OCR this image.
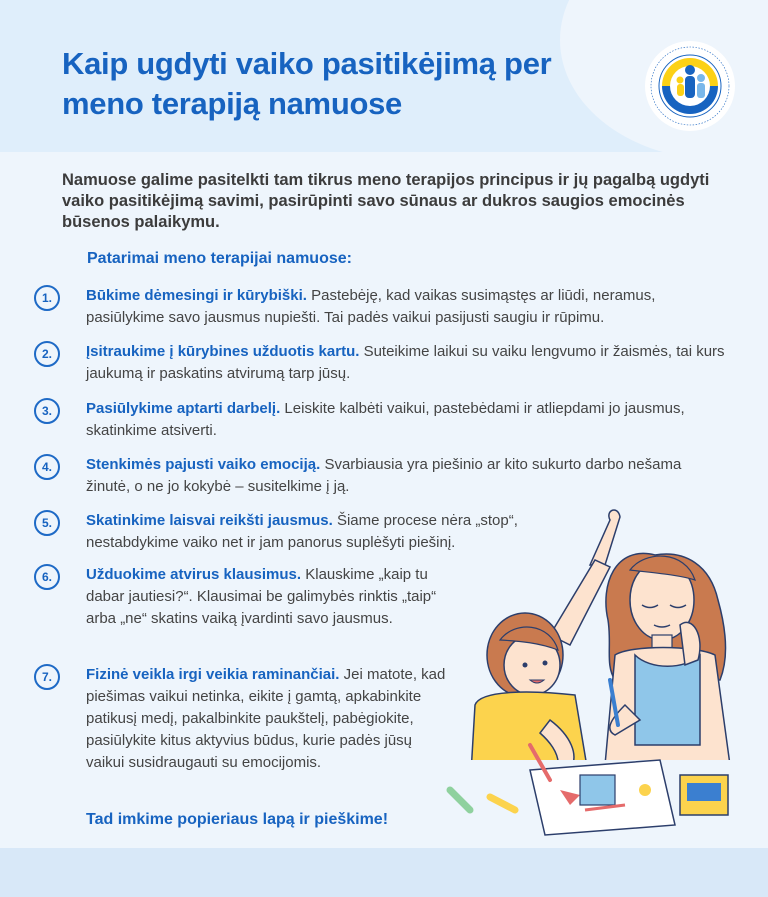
Kaip ugdyti vaiko pasitikėjimą per meno terapiją namuose

Namuose galime pasitelkti tam tikrus meno terapijos principus ir jų pagalbą ugdyti vaiko pasitikėjimą savimi, pasirūpinti savo sūnaus ar dukros saugios emocinės būsenos palaikymu.

Patarimai meno terapijai namuose:
1.	Būkime dėmesingi ir kūrybiški. Pastebėję, kad vaikas susimąstęs ar liūdi, neramus, pasiūlykime savo jausmus nupiešti. Tai padės vaikui pasijusti saugiu ir rūpimu.

2.	Įsitraukime į kūrybines užduotis kartu. Suteikime laikui su vaiku lengvumo ir žaismės, tai kurs jaukumą ir paskatins atvirumą tarp jūsų.

3.	Pasiūlykime aptarti darbelį. Leiskite kalbėti vaikui, pastebėdami ir atliepdami jo jausmus, skatinkime atsiverti.

4.	Stenkimės pajusti vaiko emociją. Svarbiausia yra piešinio ar kito sukurto darbo nešama žinutė, o ne jo kokybė – susitelkime į ją.

5.	Skatinkime laisvai reikšti jausmus. Šiame procese nėra „stop“, nestabdykime vaiko net ir jam panorus suplėšyti piešinį.

6.	Užduokime atvirus klausimus. Klauskime „kaip tu dabar jautiesi?“. Klausimai be galimybės rinktis „taip“ arba „ne“ skatins vaiką įvardinti savo jausmus.

7.	Fizinė veikla irgi veikia raminančiai. Jei matote, kad piešimas vaikui netinka, eikite į gamtą, apkabinkite patikusį medį, pakalbinkite paukštelį, pabėgiokite, pasiūlykite kitus aktyvius būdus, kurie padės jūsų vaikui susidraugauti su emocijomis.

Tad imkime popieriaus lapą ir pieškime!
